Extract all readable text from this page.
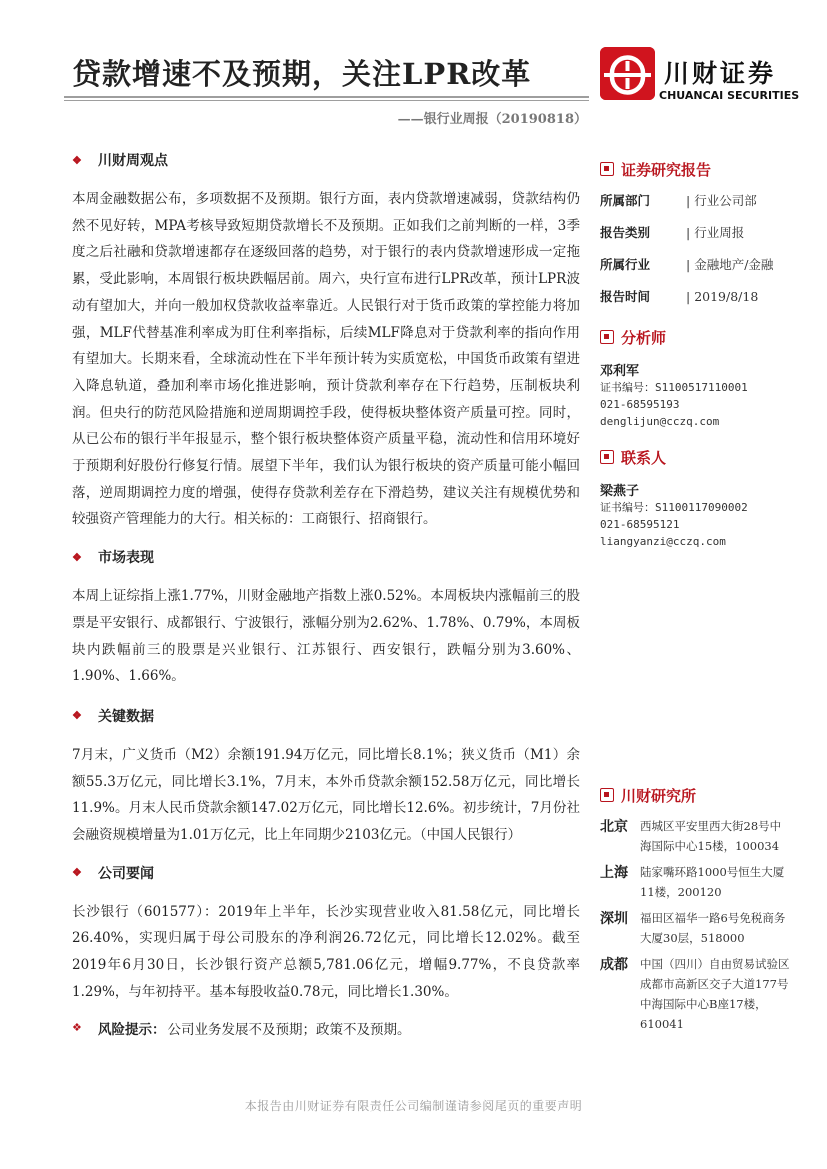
贷款增速不及预期，关注LPR改革
——银行业周报（20190818）
川财证券
CHUANCAI SECURITIES
❖	川财周观点

本周金融数据公布，多项数据不及预期。银行方面，表内贷款增速减弱，贷款结构仍然不见好转，MPA考核导致短期贷款增长不及预期。正如我们之前判断的一样，3季度之后社融和贷款增速都存在逐级回落的趋势，对于银行的表内贷款增速形成一定拖累，受此影响，本周银行板块跌幅居前。周六，央行宣布进行LPR改革，预计LPR波动有望加大，并向一般加权贷款收益率靠近。人民银行对于货币政策的掌控能力将加强，MLF代替基准利率成为盯住利率指标，后续MLF降息对于贷款利率的指向作用有望加大。长期来看，全球流动性在下半年预计转为实质宽松，中国货币政策有望进入降息轨道，叠加利率市场化推进影响，预计贷款利率存在下行趋势，压制板块利润。但央行的防范风险措施和逆周期调控手段，使得板块整体资产质量可控。同时，从已公布的银行半年报显示，整个银行板块整体资产质量平稳，流动性和信用环境好于预期利好股份行修复行情。展望下半年，我们认为银行板块的资产质量可能小幅回落，逆周期调控力度的增强，使得存贷款利差存在下滑趋势，建议关注有规模优势和较强资产管理能力的大行。相关标的：工商银行、招商银行。

❖	市场表现

本周上证综指上涨1.77%，川财金融地产指数上涨0.52%。本周板块内涨幅前三的股票是平安银行、成都银行、宁波银行，涨幅分别为2.62%、1.78%、0.79%，本周板块内跌幅前三的股票是兴业银行、江苏银行、西安银行，跌幅分别为3.60%、1.90%、1.66%。

❖	关键数据

7月末，广义货币（M2）余额191.94万亿元，同比增长8.1%；狭义货币（M1）余额55.3万亿元，同比增长3.1%，7月末，本外币贷款余额152.58万亿元，同比增长11.9%。月末人民币贷款余额147.02万亿元，同比增长12.6%。初步统计，7月份社会融资规模增量为1.01万亿元，比上年同期少2103亿元。（中国人民银行）

❖	公司要闻

长沙银行（601577）：2019年上半年，长沙实现营业收入81.58亿元，同比增长26.40%，实现归属于母公司股东的净利润26.72亿元，同比增长12.02%。截至2019年6月30日，长沙银行资产总额5,781.06亿元，增幅9.77%，不良贷款率1.29%，与年初持平。基本每股收益0.78元，同比增长1.30%。

❖	风险提示： 公司业务发展不及预期；政策不及预期。
证券研究报告
所属部门	| 行业公司部
报告类别	| 行业周报
所属行业	| 金融地产/金融
报告时间	| 2019/8/18
分析师
邓利军
证书编号：S1100517110001
021-68595193
denglijun@cczq.com
联系人
梁燕子
证书编号：S1100117090002
021-68595121
liangyanzi@cczq.com
川财研究所
北京	西城区平安里西大街28号中海国际中心15楼，100034
上海	陆家嘴环路1000号恒生大厦11楼，200120
深圳	福田区福华一路6号免税商务大厦30层，518000
成都	中国（四川）自由贸易试验区成都市高新区交子大道177号中海国际中心B座17楼，610041
本报告由川财证券有限责任公司编制谨请参阅尾页的重要声明
